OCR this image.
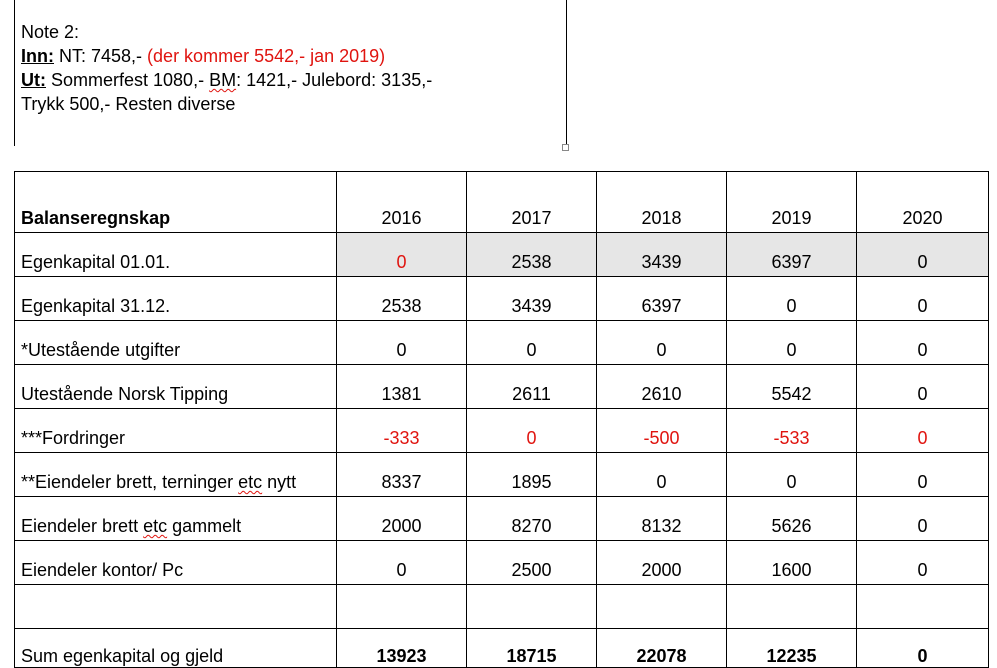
Note 2:
Inn: NT: 7458,- (der kommer 5542,- jan 2019)
Ut: Sommerfest 1080,- BM: 1421,- Julebord: 3135,-
Trykk 500,- Resten diverse
Balanseregnskap	2016	2017	2018	2019	2020
Egenkapital 01.01.	0	2538	3439	6397	0
Egenkapital 31.12.	2538	3439	6397	0	0
*Utestående utgifter	0	0	0	0	0
Utestående Norsk Tipping	1381	2611	2610	5542	0
***Fordringer	-333	0	-500	-533	0
**Eiendeler brett, terninger etc nytt	8337	1895	0	0	0
Eiendeler brett etc gammelt	2000	8270	8132	5626	0
Eiendeler kontor/ Pc	0	2500	2000	1600	0

Sum egenkapital og gjeld	13923	18715	22078	12235	0
